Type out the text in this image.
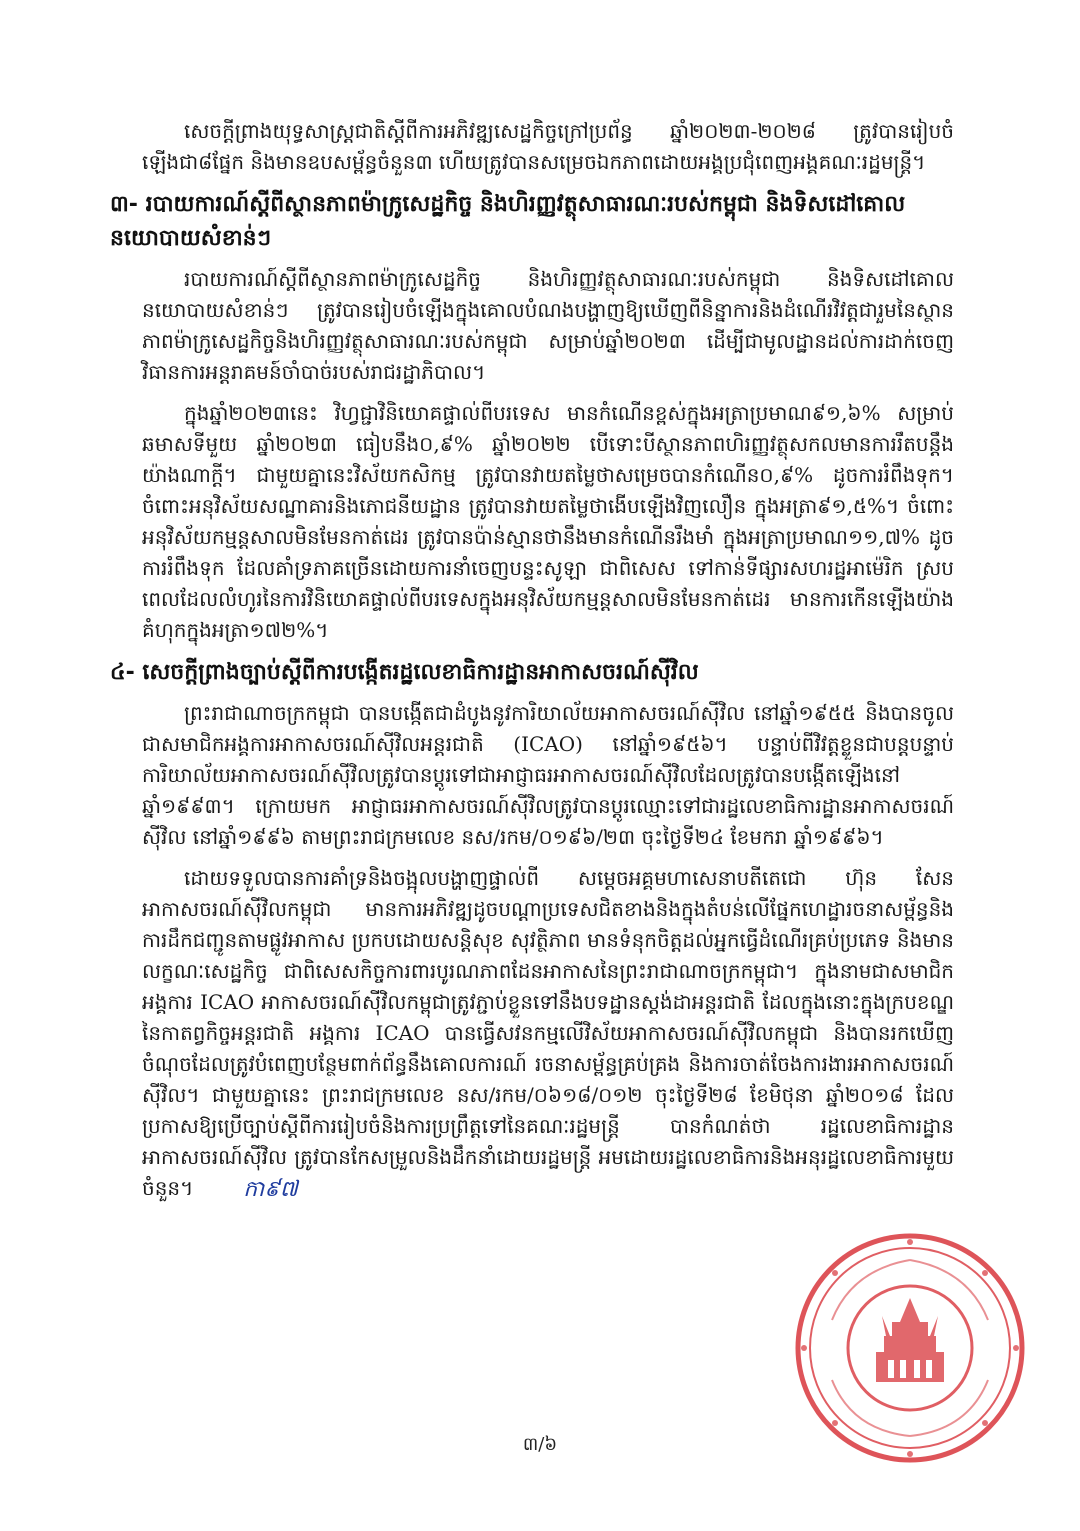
សេចក្តីព្រាងយុទ្ធសាស្ត្រជាតិស្តីពីការអភិវឌ្ឍសេដ្ឋកិច្ចក្រៅប្រព័ន្ធ ឆ្នាំ២០២៣-២០២៨ ត្រូវបានរៀបចំឡើងជា៨ផ្នែក និងមានឧបសម្ព័ន្ធចំនួន៣ ហើយត្រូវបានសម្រេចឯកភាពដោយអង្គប្រជុំពេញអង្គគណៈរដ្ឋមន្ត្រី។

៣- របាយការណ៍ស្តីពីស្ថានភាពម៉ាក្រូសេដ្ឋកិច្ច និងហិរញ្ញវត្ថុសាធារណៈរបស់កម្ពុជា និងទិសដៅគោលនយោបាយសំខាន់ៗ

របាយការណ៍ស្តីពីស្ថានភាពម៉ាក្រូសេដ្ឋកិច្ច និងហិរញ្ញវត្ថុសាធារណៈរបស់កម្ពុជា និងទិសដៅគោលនយោបាយសំខាន់ៗ ត្រូវបានរៀបចំឡើងក្នុងគោលបំណងបង្ហាញឱ្យឃើញពីនិន្នាការនិងដំណើរវិវត្តជារួមនៃស្ថានភាពម៉ាក្រូសេដ្ឋកិច្ចនិងហិរញ្ញវត្ថុសាធារណៈរបស់កម្ពុជា សម្រាប់ឆ្នាំ២០២៣ ដើម្បីជាមូលដ្ឋានដល់ការដាក់ចេញវិធានការអន្តរាគមន៍ចាំបាច់របស់រាជរដ្ឋាភិបាល។

ក្នុងឆ្នាំ២០២៣នេះ វិហ្វជ្ជាវិនិយោគផ្ទាល់ពីបរទេស មានកំណើនខ្ពស់ក្នុងអត្រាប្រមាណ៩១,៦% សម្រាប់ឆមាសទីមួយ ឆ្នាំ២០២៣ ធៀបនឹង០,៩% ឆ្នាំ២០២២ បើទោះបីស្ថានភាពហិរញ្ញវត្ថុសកលមានការរឹតបន្តឹងយ៉ាងណាក្តី។ ជាមួយគ្នានេះវិស័យកសិកម្ម ត្រូវបានវាយតម្លៃថាសម្រេចបានកំណើន០,៩% ដូចការរំពឹងទុក។ ចំពោះអនុវិស័យសណ្ឋាគារនិងភោជនីយដ្ឋាន ត្រូវបានវាយតម្លៃថាងើបឡើងវិញលឿន ក្នុងអត្រា៩១,៥%។ ចំពោះអនុវិស័យកម្មន្តសាលមិនមែនកាត់ដេរ ត្រូវបានប៉ាន់ស្មានថានឹងមានកំណើនរឹងមាំ ក្នុងអត្រាប្រមាណ១១,៧% ដូចការរំពឹងទុក ដែលគាំទ្រភាគច្រើនដោយការនាំចេញបន្ទះសូឡា ជាពិសេស ទៅកាន់ទីផ្សារសហរដ្ឋអាម៉េរិក ស្របពេលដែលលំហូរនៃការវិនិយោគផ្ទាល់ពីបរទេសក្នុងអនុវិស័យកម្មន្តសាលមិនមែនកាត់ដេរ មានការកើនឡើងយ៉ាងគំហុកក្នុងអត្រា១៧២%។

៤- សេចក្តីព្រាងច្បាប់ស្តីពីការបង្កើតរដ្ឋលេខាធិការដ្ឋានអាកាសចរណ៍ស៊ីវិល

ព្រះរាជាណាចក្រកម្ពុជា បានបង្កើតជាដំបូងនូវការិយាល័យអាកាសចរណ៍ស៊ីវិល នៅឆ្នាំ១៩៥៥ និងបានចូលជាសមាជិកអង្គការអាកាសចរណ៍ស៊ីវិលអន្តរជាតិ (ICAO) នៅឆ្នាំ១៩៥៦។ បន្ទាប់ពីវិវត្តខ្លួនជាបន្តបន្ទាប់ ការិយាល័យអាកាសចរណ៍ស៊ីវិលត្រូវបានប្តូរទៅជាអាជ្ញាធរអាកាសចរណ៍ស៊ីវិលដែលត្រូវបានបង្កើតឡើងនៅឆ្នាំ១៩៩៣។ ក្រោយមក អាជ្ញាធរអាកាសចរណ៍ស៊ីវិលត្រូវបានប្តូរឈ្មោះទៅជារដ្ឋលេខាធិការដ្ឋានអាកាសចរណ៍ស៊ីវិល នៅឆ្នាំ១៩៩៦ តាមព្រះរាជក្រមលេខ នស/រកម/០១៩៦/២៣ ចុះថ្ងៃទី២៤ ខែមករា ឆ្នាំ១៩៩៦។

ដោយទទួលបានការគាំទ្រនិងចង្អុលបង្ហាញផ្ទាល់ពី សម្តេចអគ្គមហាសេនាបតីតេជោ ហ៊ុន សែន អាកាសចរណ៍ស៊ីវិលកម្ពុជា មានការអភិវឌ្ឍដូចបណ្តាប្រទេសជិតខាងនិងក្នុងតំបន់លើផ្នែកហេដ្ឋារចនាសម្ព័ន្ធនិងការដឹកជញ្ជូនតាមផ្លូវអាកាស ប្រកបដោយសន្តិសុខ សុវត្ថិភាព មានទំនុកចិត្តដល់អ្នកធ្វើដំណើរគ្រប់ប្រភេទ និងមានលក្ខណៈសេដ្ឋកិច្ច ជាពិសេសកិច្ចការពារបូរណភាពដែនអាកាសនៃព្រះរាជាណាចក្រកម្ពុជា។ ក្នុងនាមជាសមាជិកអង្គការ ICAO អាកាសចរណ៍ស៊ីវិលកម្ពុជាត្រូវភ្ជាប់ខ្លួនទៅនឹងបទដ្ឋានស្តង់ដាអន្តរជាតិ ដែលក្នុងនោះក្នុងក្របខណ្ឌនៃកាតព្វកិច្ចអន្តរជាតិ អង្គការ ICAO បានធ្វើសវនកម្មលើវិស័យអាកាសចរណ៍ស៊ីវិលកម្ពុជា និងបានរកឃើញចំណុចដែលត្រូវបំពេញបន្ថែមពាក់ព័ន្ធនឹងគោលការណ៍ រចនាសម្ព័ន្ធគ្រប់គ្រង និងការចាត់ចែងការងារអាកាសចរណ៍ស៊ីវិល។ ជាមួយគ្នានេះ ព្រះរាជក្រមលេខ នស/រកម/០៦១៨/០១២ ចុះថ្ងៃទី២៨ ខែមិថុនា ឆ្នាំ២០១៨ ដែលប្រកាសឱ្យប្រើច្បាប់ស្តីពីការរៀបចំនិងការប្រព្រឹត្តទៅនៃគណៈរដ្ឋមន្ត្រី បានកំណត់ថា រដ្ឋលេខាធិការដ្ឋានអាកាសចរណ៍ស៊ីវិល ត្រូវបានកែសម្រួលនិងដឹកនាំដោយរដ្ឋមន្ត្រី អមដោយរដ្ឋលេខាធិការនិងអនុរដ្ឋលេខាធិការមួយចំនួន។ កា៩៧

៣/៦
